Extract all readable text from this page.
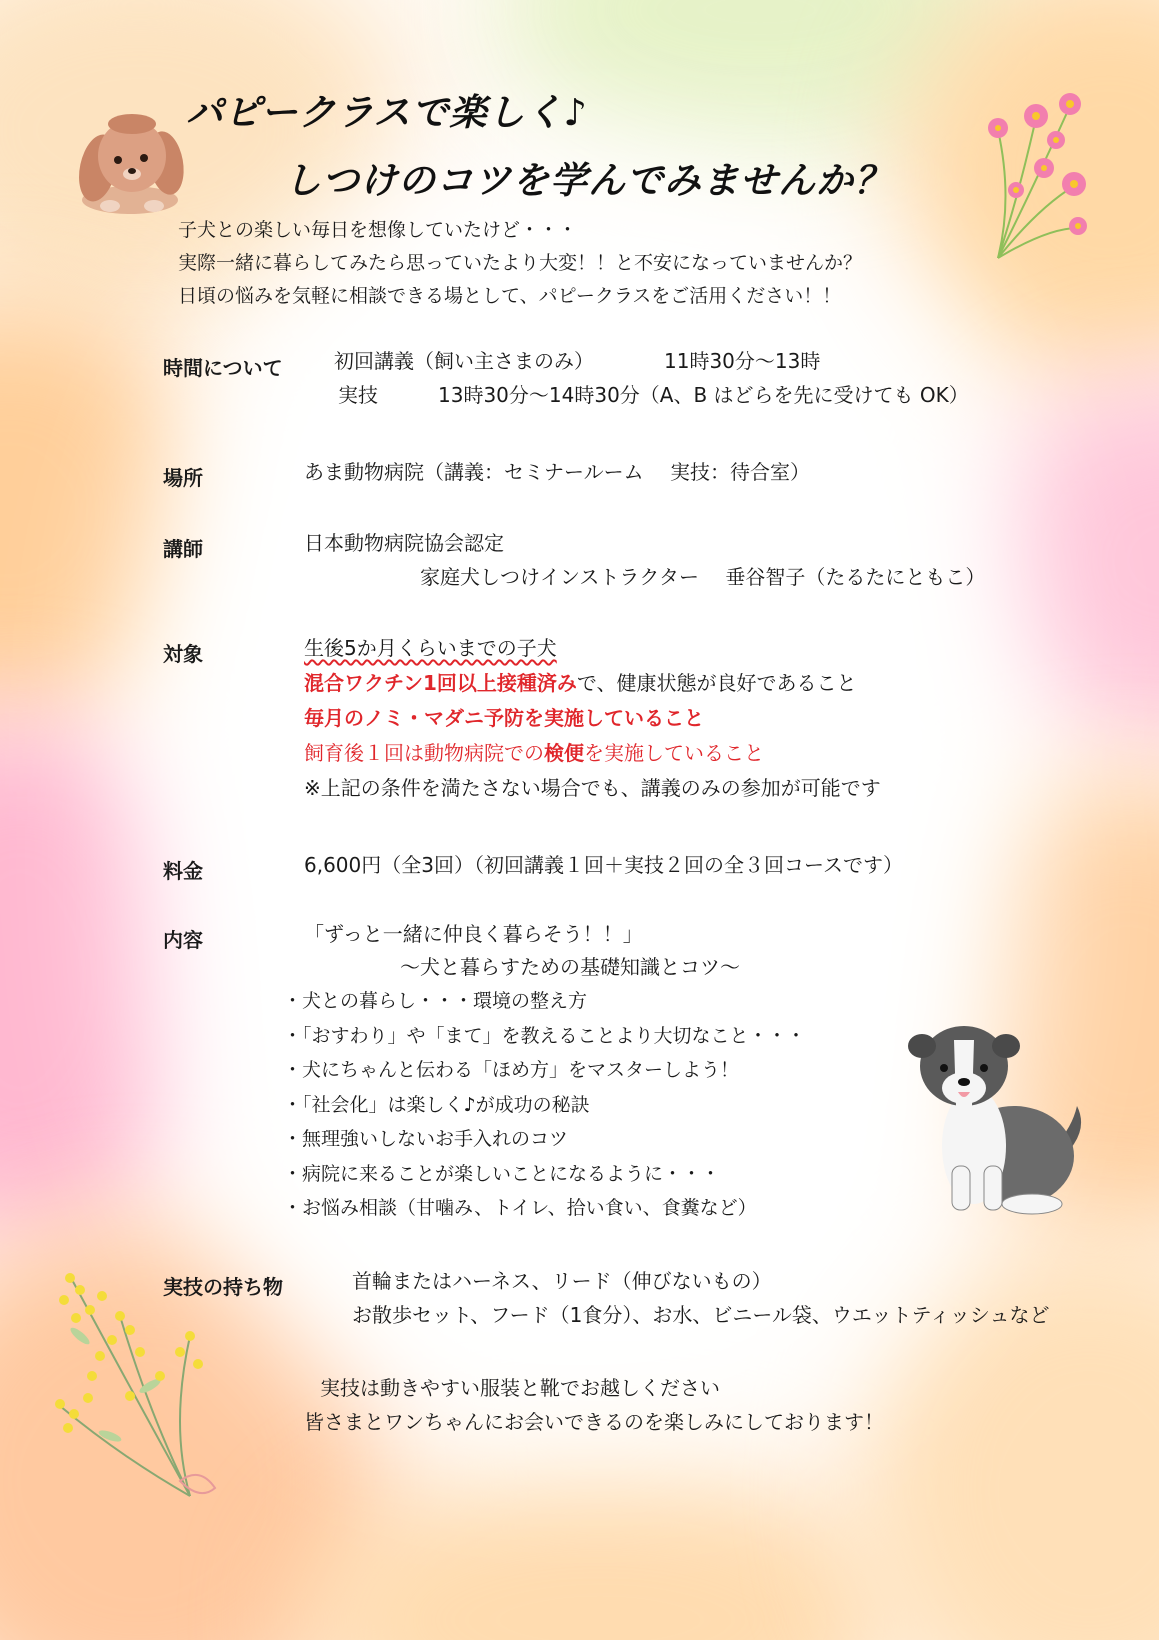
パピークラスで楽しく♪
しつけのコツを学んでみませんか？
子犬との楽しい毎日を想像していたけど・・・
実際一緒に暮らしてみたら思っていたより大変！！と不安になっていませんか？
日頃の悩みを気軽に相談できる場として、パピークラスをご活用ください！！
時間について	初回講義（飼い主さまのみ）	11時30分～13時
実技	13時30分～14時30分（A、B はどらを先に受けても OK）
場所	あま動物病院（講義：セミナールーム　 実技：待合室）
講師	日本動物病院協会認定
家庭犬しつけインストラクター　 垂谷智子（たるたにともこ）
対象	生後5か月くらいまでの子犬
混合ワクチン1回以上接種済みで、健康状態が良好であること
毎月のノミ・マダニ予防を実施していること
飼育後１回は動物病院での検便を実施していること
※上記の条件を満たさない場合でも、講義のみの参加が可能です
料金	6,600円（全3回）（初回講義１回＋実技２回の全３回コースです）
内容	「ずっと一緒に仲良く暮らそう！！」
～犬と暮らすための基礎知識とコツ～
・犬との暮らし・・・環境の整え方
・「おすわり」や「まて」を教えることより大切なこと・・・
・犬にちゃんと伝わる「ほめ方」をマスターしよう！
・「社会化」は楽しく♪が成功の秘訣
・無理強いしないお手入れのコツ
・病院に来ることが楽しいことになるように・・・
・お悩み相談（甘噛み、トイレ、拾い食い、食糞など）
実技の持ち物	首輪またはハーネス、リード（伸びないもの）
お散歩セット、フード（1食分）、お水、ビニール袋、ウエットティッシュなど
実技は動きやすい服装と靴でお越しください
皆さまとワンちゃんにお会いできるのを楽しみにしております！
